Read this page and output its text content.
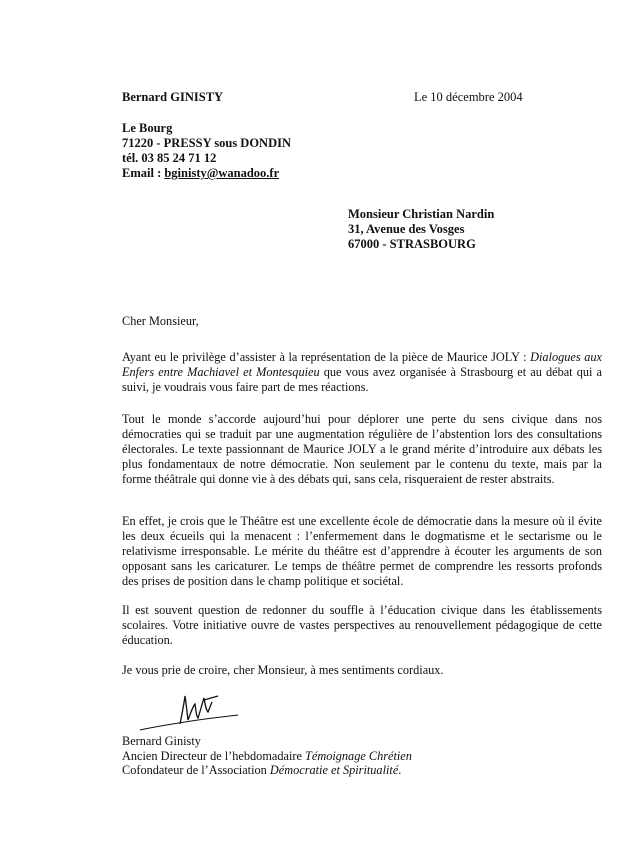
Bernard GINISTY
Le Bourg
71220 - PRESSY sous DONDIN
tél. 03 85 24 71 12
Email : bginisty@wanadoo.fr
Le 10 décembre 2004
Monsieur Christian Nardin
31, Avenue des Vosges
67000 - STRASBOURG
Cher Monsieur,
Ayant eu le privilège d’assister à la représentation de la pièce de Maurice JOLY : Dialogues aux Enfers entre Machiavel et Montesquieu que vous avez organisée à Strasbourg et au débat qui a suivi, je voudrais vous faire part de mes réactions.
Tout le monde s’accorde aujourd’hui pour déplorer une perte du sens civique dans nos démocraties qui se traduit par une augmentation régulière de l’abstention lors des consultations électorales. Le texte passionnant de Maurice JOLY a le grand mérite d’introduire aux débats les plus fondamentaux de notre démocratie. Non seulement par le contenu du texte, mais par la forme théâtrale qui donne vie à des débats qui, sans cela, risqueraient de rester abstraits.
En effet, je crois que le Théâtre est une excellente école de démocratie dans la mesure où il évite les deux écueils qui la menacent : l’enfermement dans le dogmatisme et le sectarisme ou le relativisme irresponsable. Le mérite du théâtre est d’apprendre à écouter les arguments de son opposant sans les caricaturer. Le temps de théâtre permet de comprendre les ressorts profonds des prises de position dans le champ politique et sociétal.
Il est souvent question de redonner du souffle à l’éducation civique dans les établissements scolaires. Votre initiative ouvre de vastes perspectives au renouvellement pédagogique de cette éducation.
Je vous prie de croire, cher Monsieur, à mes sentiments cordiaux.
Bernard Ginisty
Ancien Directeur de l’hebdomadaire Témoignage Chrétien
Cofondateur de l’Association Démocratie et Spiritualité.
